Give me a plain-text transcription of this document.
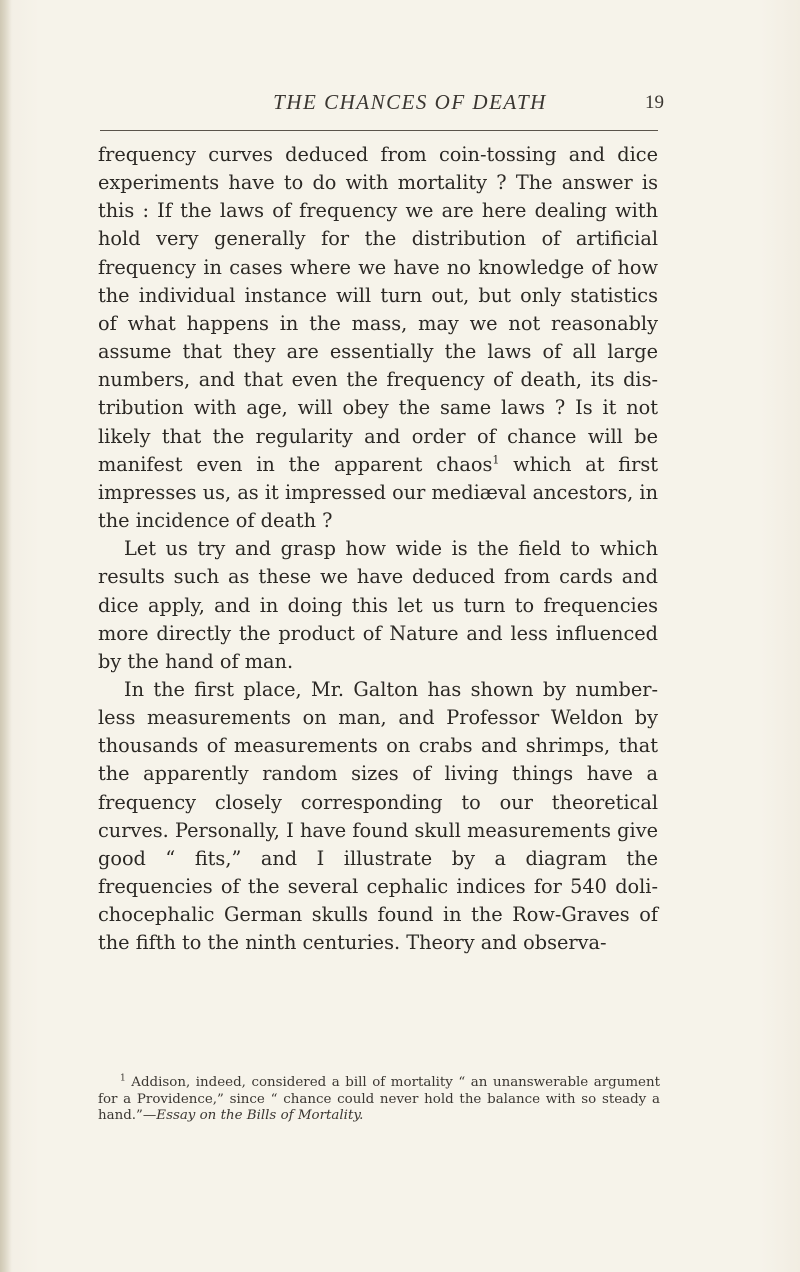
THE CHANCES OF DEATH	19

frequency curves deduced from coin-tossing and dice experiments have to do with mortality ? The answer is this : If the laws of frequency we are here dealing with hold very generally for the distribution of artificial frequency in cases where we have no knowledge of how the individual instance will turn out, but only statistics of what happens in the mass, may we not reasonably assume that they are essentially the laws of all large numbers, and that even the frequency of death, its dis- tribution with age, will obey the same laws ? Is it not likely that the regularity and order of chance will be manifest even in the apparent chaos$^1$ which at first impresses us, as it impressed our mediæval ancestors, in the incidence of death ?

Let us try and grasp how wide is the field to which results such as these we have deduced from cards and dice apply, and in doing this let us turn to frequencies more directly the product of Nature and less influenced by the hand of man.

In the first place, Mr. Galton has shown by number- less measurements on man, and Professor Weldon by thousands of measurements on crabs and shrimps, that the apparently random sizes of living things have a frequency closely corresponding to our theoretical curves. Personally, I have found skull measurements give good “ fits,” and I illustrate by a diagram the frequencies of the several cephalic indices for 540 doli- chocephalic German skulls found in the Row-Graves of the fifth to the ninth centuries. Theory and observa-

$^1$ Addison, indeed, considered a bill of mortality “ an unanswerable argument for a Providence,” since “ chance could never hold the balance with so steady a hand.”—Essay on the Bills of Mortality.
